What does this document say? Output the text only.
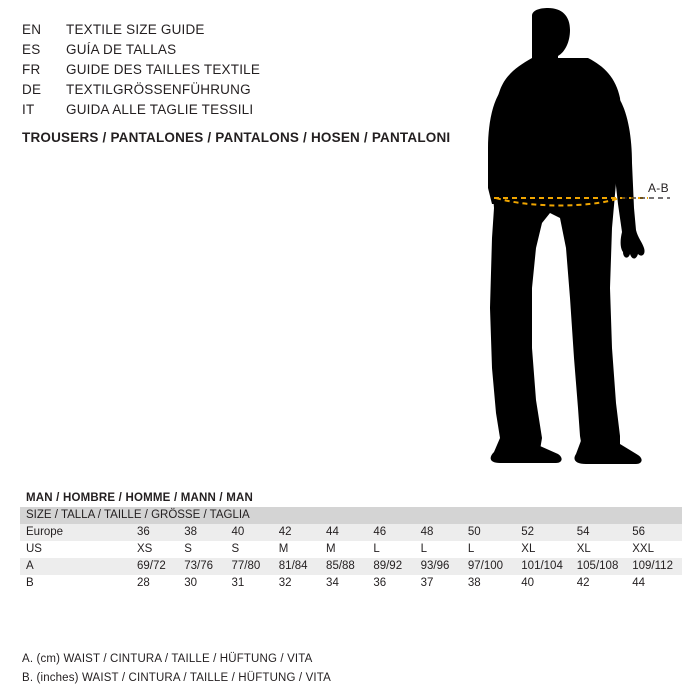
EN	TEXTILE SIZE GUIDE
ES	GUÍA DE TALLAS
FR	GUIDE DES TAILLES TEXTILE
DE	TEXTILGRÖSSENFÜHRUNG
IT	GUIDA ALLE TAGLIE TESSILI
TROUSERS / PANTALONES / PANTALONS / HOSEN / PANTALONI
A-B
MAN / HOMBRE / HOMME / MANN / MAN											
SIZE / TALLA / TAILLE / GRÖSSE / TAGLIA											
Europe	36	38	40	42	44	46	48	50	52	54	56
US	XS	S	S	M	M	L	L	L	XL	XL	XXL
A	69/72	73/76	77/80	81/84	85/88	89/92	93/96	97/100	101/104	105/108	109/112
B	28	30	31	32	34	36	37	38	40	42	44
A. (cm) WAIST / CINTURA / TAILLE / HÜFTUNG / VITA
B. (inches) WAIST / CINTURA / TAILLE / HÜFTUNG / VITA
